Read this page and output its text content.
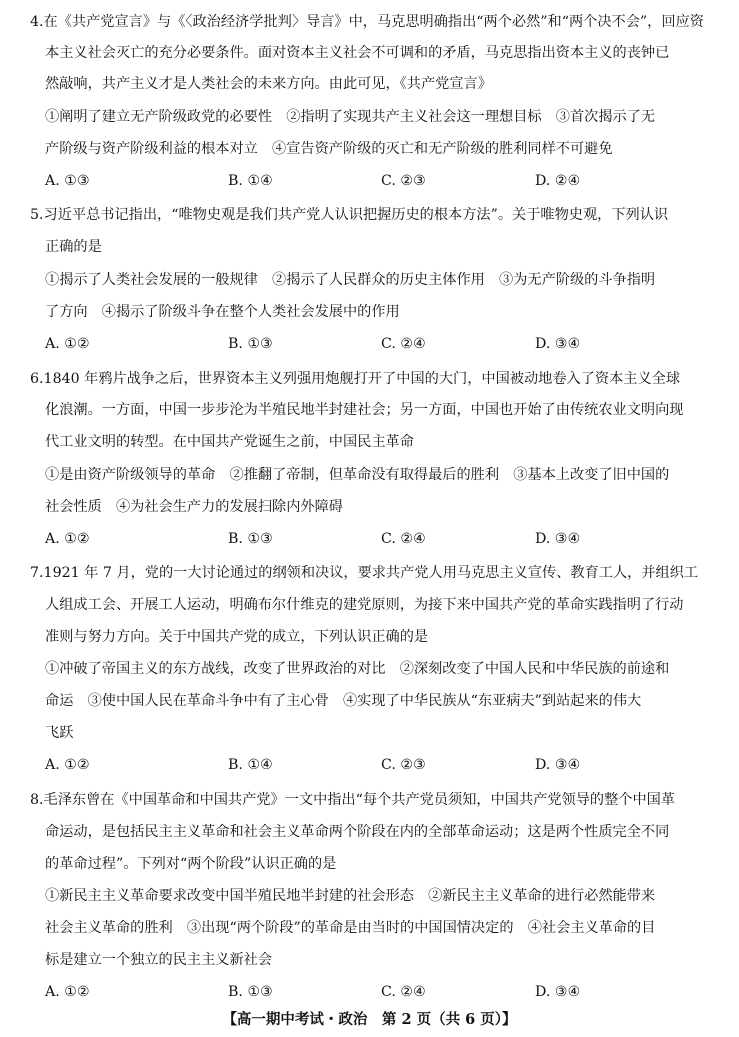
4.在《共产党宣言》与《〈政治经济学批判〉导言》中，马克思明确指出“两个必然”和“两个决不会”，回应资
本主义社会灭亡的充分必要条件。面对资本主义社会不可调和的矛盾，马克思指出资本主义的丧钟已
然敲响，共产主义才是人类社会的未来方向。由此可见，《共产党宣言》
①阐明了建立无产阶级政党的必要性　②指明了实现共产主义社会这一理想目标　③首次揭示了无
产阶级与资产阶级利益的根本对立　④宣告资产阶级的灭亡和无产阶级的胜利同样不可避免
A. ①③	B. ①④	C. ②③	D. ②④
5.习近平总书记指出，“唯物史观是我们共产党人认识把握历史的根本方法”。关于唯物史观，下列认识
正确的是
①揭示了人类社会发展的一般规律　②揭示了人民群众的历史主体作用　③为无产阶级的斗争指明
了方向　④揭示了阶级斗争在整个人类社会发展中的作用
A. ①②	B. ①③	C. ②④	D. ③④
6.1840 年鸦片战争之后，世界资本主义列强用炮舰打开了中国的大门，中国被动地卷入了资本主义全球
化浪潮。一方面，中国一步步沦为半殖民地半封建社会；另一方面，中国也开始了由传统农业文明向现
代工业文明的转型。在中国共产党诞生之前，中国民主革命
①是由资产阶级领导的革命　②推翻了帝制，但革命没有取得最后的胜利　③基本上改变了旧中国的
社会性质　④为社会生产力的发展扫除内外障碍
A. ①②	B. ①③	C. ②④	D. ③④
7.1921 年 7 月，党的一大讨论通过的纲领和决议，要求共产党人用马克思主义宣传、教育工人，并组织工
人组成工会、开展工人运动，明确布尔什维克的建党原则，为接下来中国共产党的革命实践指明了行动
准则与努力方向。关于中国共产党的成立，下列认识正确的是
①冲破了帝国主义的东方战线，改变了世界政治的对比　②深刻改变了中国人民和中华民族的前途和
命运　③使中国人民在革命斗争中有了主心骨　④实现了中华民族从“东亚病夫”到站起来的伟大
飞跃
A. ①②	B. ①④	C. ②③	D. ③④
8.毛泽东曾在《中国革命和中国共产党》一文中指出“每个共产党员须知，中国共产党领导的整个中国革
命运动，是包括民主主义革命和社会主义革命两个阶段在内的全部革命运动；这是两个性质完全不同
的革命过程”。下列对“两个阶段”认识正确的是
①新民主主义革命要求改变中国半殖民地半封建的社会形态　②新民主主义革命的进行必然能带来
社会主义革命的胜利　③出现“两个阶段”的革命是由当时的中国国情决定的　④社会主义革命的目
标是建立一个独立的民主主义新社会
A. ①②	B. ①③	C. ②④	D. ③④
【高一期中考试・政治　第 2 页（共 6 页）】
